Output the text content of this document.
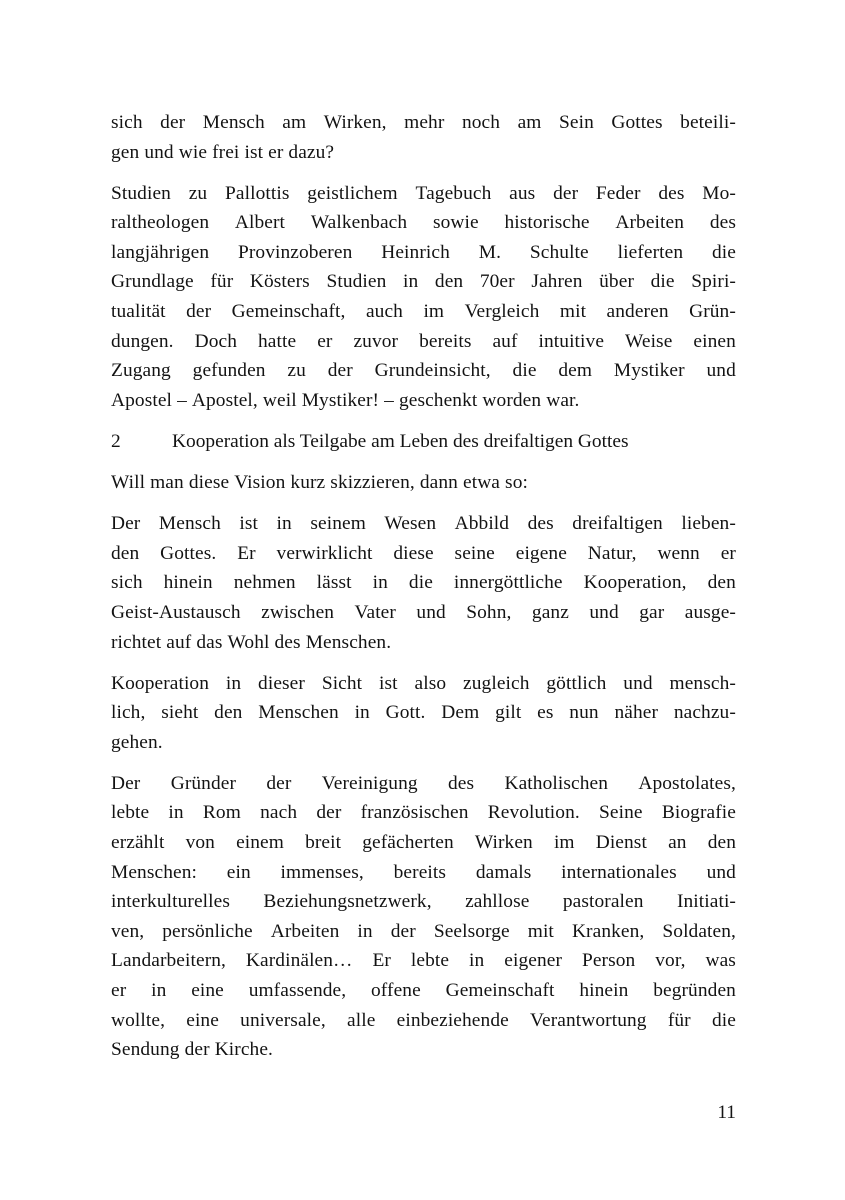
sich der Mensch am Wirken, mehr noch am Sein Gottes beteili-
gen und wie frei ist er dazu?

Studien zu Pallottis geistlichem Tagebuch aus der Feder des Mo-
raltheologen Albert Walkenbach sowie historische Arbeiten des
langjährigen Provinzoberen Heinrich M. Schulte lieferten die
Grundlage für Kösters Studien in den 70er Jahren über die Spiri-
tualität der Gemeinschaft, auch im Vergleich mit anderen Grün-
dungen. Doch hatte er zuvor bereits auf intuitive Weise einen
Zugang gefunden zu der Grundeinsicht, die dem Mystiker und
Apostel – Apostel, weil Mystiker! – geschenkt worden war.

2	Kooperation als Teilgabe am Leben des dreifaltigen Gottes

Will man diese Vision kurz skizzieren, dann etwa so:

Der Mensch ist in seinem Wesen Abbild des dreifaltigen lieben-
den Gottes. Er verwirklicht diese seine eigene Natur, wenn er
sich hinein nehmen lässt in die innergöttliche Kooperation, den
Geist-Austausch zwischen Vater und Sohn, ganz und gar ausge-
richtet auf das Wohl des Menschen.

Kooperation in dieser Sicht ist also zugleich göttlich und mensch-
lich, sieht den Menschen in Gott. Dem gilt es nun näher nachzu-
gehen.

Der Gründer der Vereinigung des Katholischen Apostolates,
lebte in Rom nach der französischen Revolution. Seine Biografie
erzählt von einem breit gefächerten Wirken im Dienst an den
Menschen: ein immenses, bereits damals internationales und
interkulturelles Beziehungsnetzwerk, zahllose pastoralen Initiati-
ven, persönliche Arbeiten in der Seelsorge mit Kranken, Soldaten,
Landarbeitern, Kardinälen… Er lebte in eigener Person vor, was
er in eine umfassende, offene Gemeinschaft hinein begründen
wollte, eine universale, alle einbeziehende Verantwortung für die
Sendung der Kirche.

11
